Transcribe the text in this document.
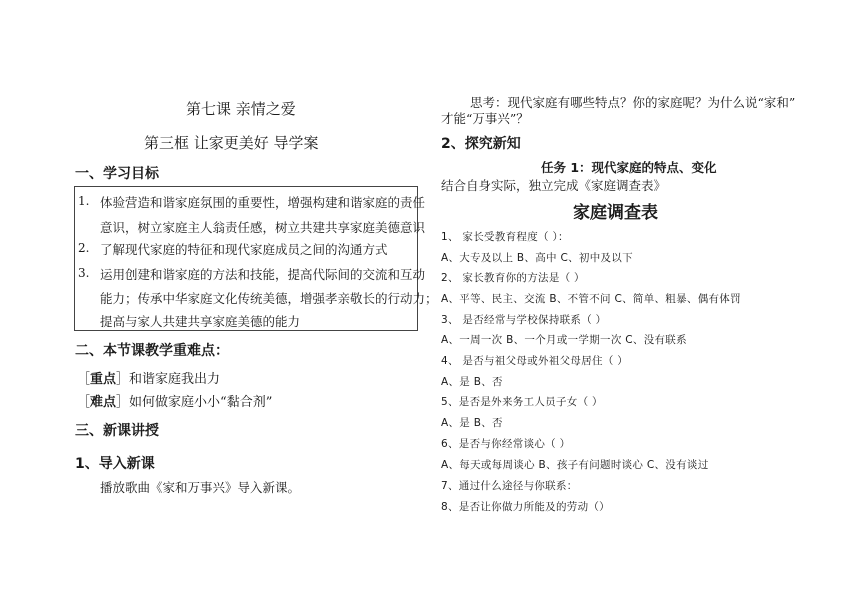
第七课 亲情之爱
第三框 让家更美好 导学案
一、学习目标
1. 体验营造和谐家庭氛围的重要性，增强构建和谐家庭的责任
意识，树立家庭主人翁责任感，树立共建共享家庭美德意识
2. 了解现代家庭的特征和现代家庭成员之间的沟通方式
3. 运用创建和谐家庭的方法和技能，提高代际间的交流和互动
能力；传承中华家庭文化传统美德，增强孝亲敬长的行动力；
提高与家人共建共享家庭美德的能力
二、本节课教学重难点：
［重点］和谐家庭我出力
［难点］如何做家庭小小“黏合剂”
三、新课讲授
1、导入新课
播放歌曲《家和万事兴》导入新课。
思考：现代家庭有哪些特点？你的家庭呢？为什么说“家和”
才能“万事兴”？
2、探究新知
任务 1：现代家庭的特点、变化
结合自身实际，独立完成《家庭调查表》
家庭调查表
1、 家长受教育程度（ ）：
A、大专及以上 B、高中 C、初中及以下
2、 家长教育你的方法是（ ）
A、平等、民主、交流 B、不管不问 C、简单、粗暴、偶有体罚
3、 是否经常与学校保持联系（ ）
A、一周一次 B、一个月或一学期一次 C、没有联系
4、 是否与祖父母或外祖父母居住（ ）
A、是 B、否
5、是否是外来务工人员子女（ ）
A、是 B、否
6、是否与你经常谈心（ ）
A、每天或每周谈心 B、孩子有问题时谈心 C、没有谈过
7、通过什么途径与你联系：
8、是否让你做力所能及的劳动（）
